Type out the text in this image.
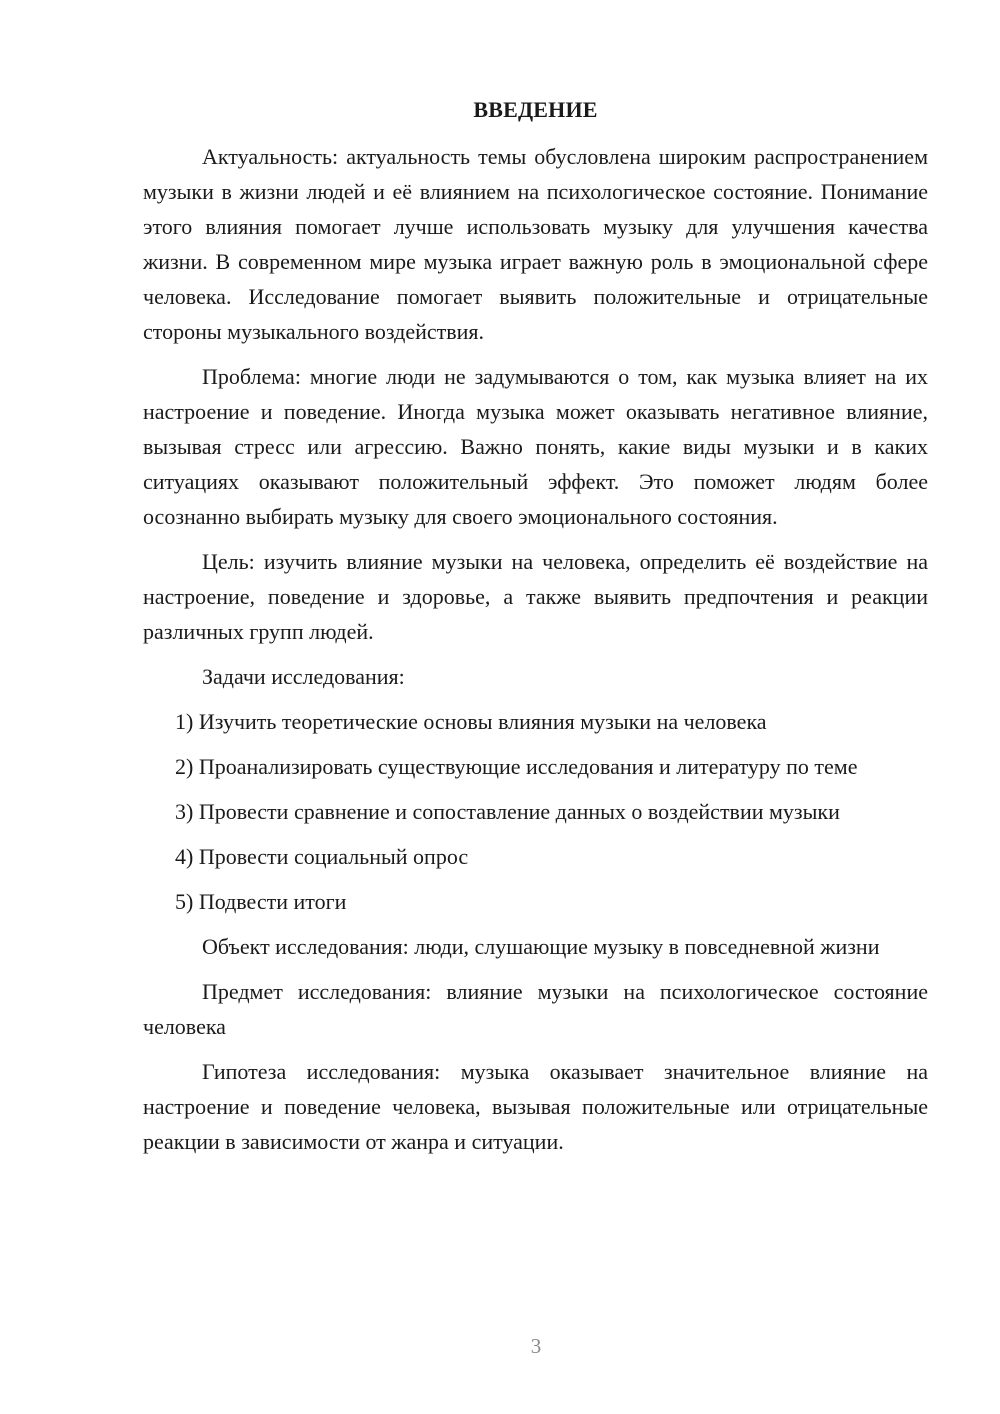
ВВЕДЕНИЕ

Актуальность: актуальность темы обусловлена широким распространением музыки в жизни людей и её влиянием на психологическое состояние. Понимание этого влияния помогает лучше использовать музыку для улучшения качества жизни. В современном мире музыка играет важную роль в эмоциональной сфере человека. Исследование помогает выявить положительные и отрицательные стороны музыкального воздействия.

Проблема: многие люди не задумываются о том, как музыка влияет на их настроение и поведение. Иногда музыка может оказывать негативное влияние, вызывая стресс или агрессию. Важно понять, какие виды музыки и в каких ситуациях оказывают положительный эффект. Это поможет людям более осознанно выбирать музыку для своего эмоционального состояния.

Цель: изучить влияние музыки на человека, определить её воздействие на настроение, поведение и здоровье, а также выявить предпочтения и реакции различных групп людей.

Задачи исследования:

1) Изучить теоретические основы влияния музыки на человека

2) Проанализировать существующие исследования и литературу по теме

3) Провести сравнение и сопоставление данных о воздействии музыки

4) Провести социальный опрос

5) Подвести итоги

Объект исследования: люди, слушающие музыку в повседневной жизни

Предмет исследования: влияние музыки на психологическое состояние человека

Гипотеза исследования: музыка оказывает значительное влияние на настроение и поведение человека, вызывая положительные или отрицательные реакции в зависимости от жанра и ситуации.

3
